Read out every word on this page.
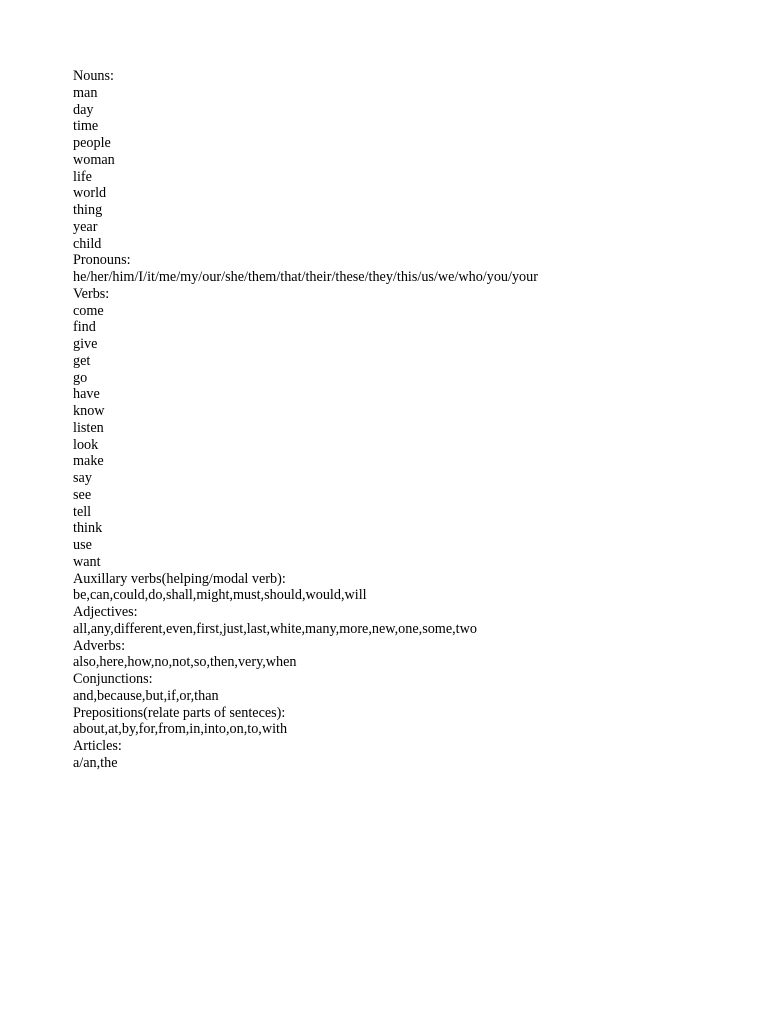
Nouns:
man
day
time
people
woman
life
world
thing
year
child
Pronouns:
he/her/him/I/it/me/my/our/she/them/that/their/these/they/this/us/we/who/you/your
Verbs:
come
find
give
get
go
have
know
listen
look
make
say
see
tell
think
use
want
Auxillary verbs(helping/modal verb):
be,can,could,do,shall,might,must,should,would,will
Adjectives:
all,any,different,even,first,just,last,white,many,more,new,one,some,two
Adverbs:
also,here,how,no,not,so,then,very,when
Conjunctions:
and,because,but,if,or,than
Prepositions(relate parts of senteces):
about,at,by,for,from,in,into,on,to,with
Articles:
a/an,the
